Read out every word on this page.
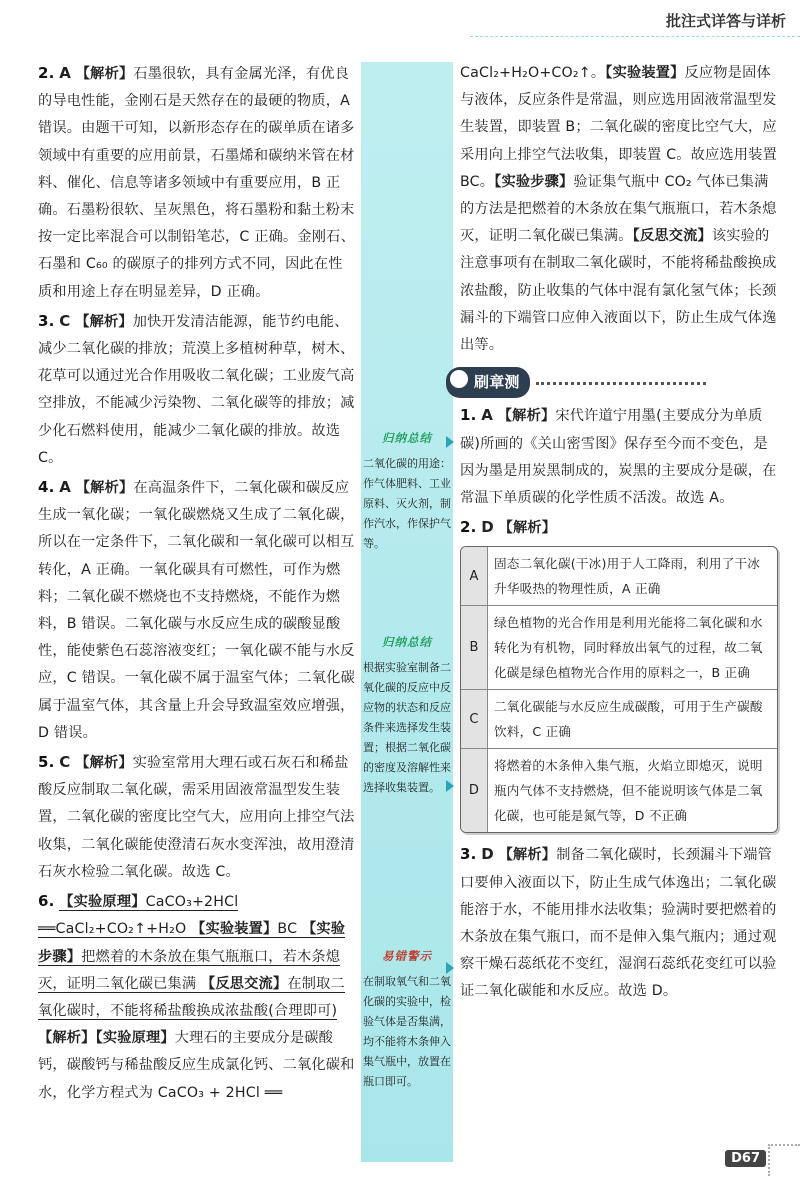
批注式详答与详析
2. A 【解析】石墨很软，具有金属光泽，有优良的导电性能，金刚石是天然存在的最硬的物质，A 错误。由题干可知，以新形态存在的碳单质在诸多领域中有重要的应用前景，石墨烯和碳纳米管在材料、催化、信息等诸多领域中有重要应用，B 正确。石墨粉很软、呈灰黑色，将石墨粉和黏土粉末按一定比率混合可以制铅笔芯，C 正确。金刚石、石墨和 C₆₀ 的碳原子的排列方式不同，因此在性质和用途上存在明显差异，D 正确。
3. C 【解析】加快开发清洁能源，能节约电能、减少二氧化碳的排放；荒漠上多植树种草，树木、花草可以通过光合作用吸收二氧化碳；工业废气高空排放，不能减少污染物、二氧化碳等的排放；减少化石燃料使用，能减少二氧化碳的排放。故选 C。
4. A 【解析】在高温条件下，二氧化碳和碳反应生成一氧化碳；一氧化碳燃烧又生成了二氧化碳，所以在一定条件下，二氧化碳和一氧化碳可以相互转化，A 正确。一氧化碳具有可燃性，可作为燃料；二氧化碳不燃烧也不支持燃烧，不能作为燃料，B 错误。二氧化碳与水反应生成的碳酸显酸性，能使紫色石蕊溶液变红；一氧化碳不能与水反应，C 错误。一氧化碳不属于温室气体；二氧化碳属于温室气体，其含量上升会导致温室效应增强，D 错误。
5. C 【解析】实验室常用大理石或石灰石和稀盐酸反应制取二氧化碳，需采用固液常温型发生装置，二氧化碳的密度比空气大，应用向上排空气法收集，二氧化碳能使澄清石灰水变浑浊，故用澄清石灰水检验二氧化碳。故选 C。
6. 【实验原理】CaCO₃+2HCl ══CaCl₂+CO₂↑+H₂O 【实验装置】BC 【实验步骤】把燃着的木条放在集气瓶瓶口，若木条熄灭，证明二氧化碳已集满 【反思交流】在制取二氧化碳时，不能将稀盐酸换成浓盐酸(合理即可)
【解析】【实验原理】大理石的主要成分是碳酸钙，碳酸钙与稀盐酸反应生成氯化钙、二氧化碳和水，化学方程式为 CaCO₃ + 2HCl ══
归纳总结
二氧化碳的用途：作气体肥料、工业原料、灭火剂，制作汽水，作保护气等。
归纳总结
根据实验室制备二氧化碳的反应中反应物的状态和反应条件来选择发生装置；根据二氧化碳的密度及溶解性来选择收集装置。
易错警示
在制取氧气和二氧化碳的实验中，检验气体是否集满，均不能将木条伸入集气瓶中，放置在瓶口即可。
CaCl₂+H₂O+CO₂↑。【实验装置】反应物是固体与液体，反应条件是常温，则应选用固液常温型发生装置，即装置 B；二氧化碳的密度比空气大，应采用向上排空气法收集，即装置 C。故应选用装置 BC。【实验步骤】验证集气瓶中 CO₂ 气体已集满的方法是把燃着的木条放在集气瓶瓶口，若木条熄灭，证明二氧化碳已集满。【反思交流】该实验的注意事项有在制取二氧化碳时，不能将稀盐酸换成浓盐酸，防止收集的气体中混有氯化氢气体；长颈漏斗的下端管口应伸入液面以下，防止生成气体逸出等。
刷章测
1. A 【解析】宋代许道宁用墨(主要成分为单质碳)所画的《关山密雪图》保存至今而不变色，是因为墨是用炭黑制成的，炭黑的主要成分是碳，在常温下单质碳的化学性质不活泼。故选 A。
2. D 【解析】
A
固态二氧化碳(干冰)用于人工降雨，利用了干冰升华吸热的物理性质，A 正确
B
绿色植物的光合作用是利用光能将二氧化碳和水转化为有机物，同时释放出氧气的过程，故二氧化碳是绿色植物光合作用的原料之一，B 正确
C
二氧化碳能与水反应生成碳酸，可用于生产碳酸饮料，C 正确
D
将燃着的木条伸入集气瓶，火焰立即熄灭，说明瓶内气体不支持燃烧，但不能说明该气体是二氧化碳，也可能是氮气等，D 不正确
3. D 【解析】制备二氧化碳时，长颈漏斗下端管口要伸入液面以下，防止生成气体逸出；二氧化碳能溶于水，不能用排水法收集；验满时要把燃着的木条放在集气瓶口，而不是伸入集气瓶内；通过观察干燥石蕊纸花不变红，湿润石蕊纸花变红可以验证二氧化碳能和水反应。故选 D。
D67
